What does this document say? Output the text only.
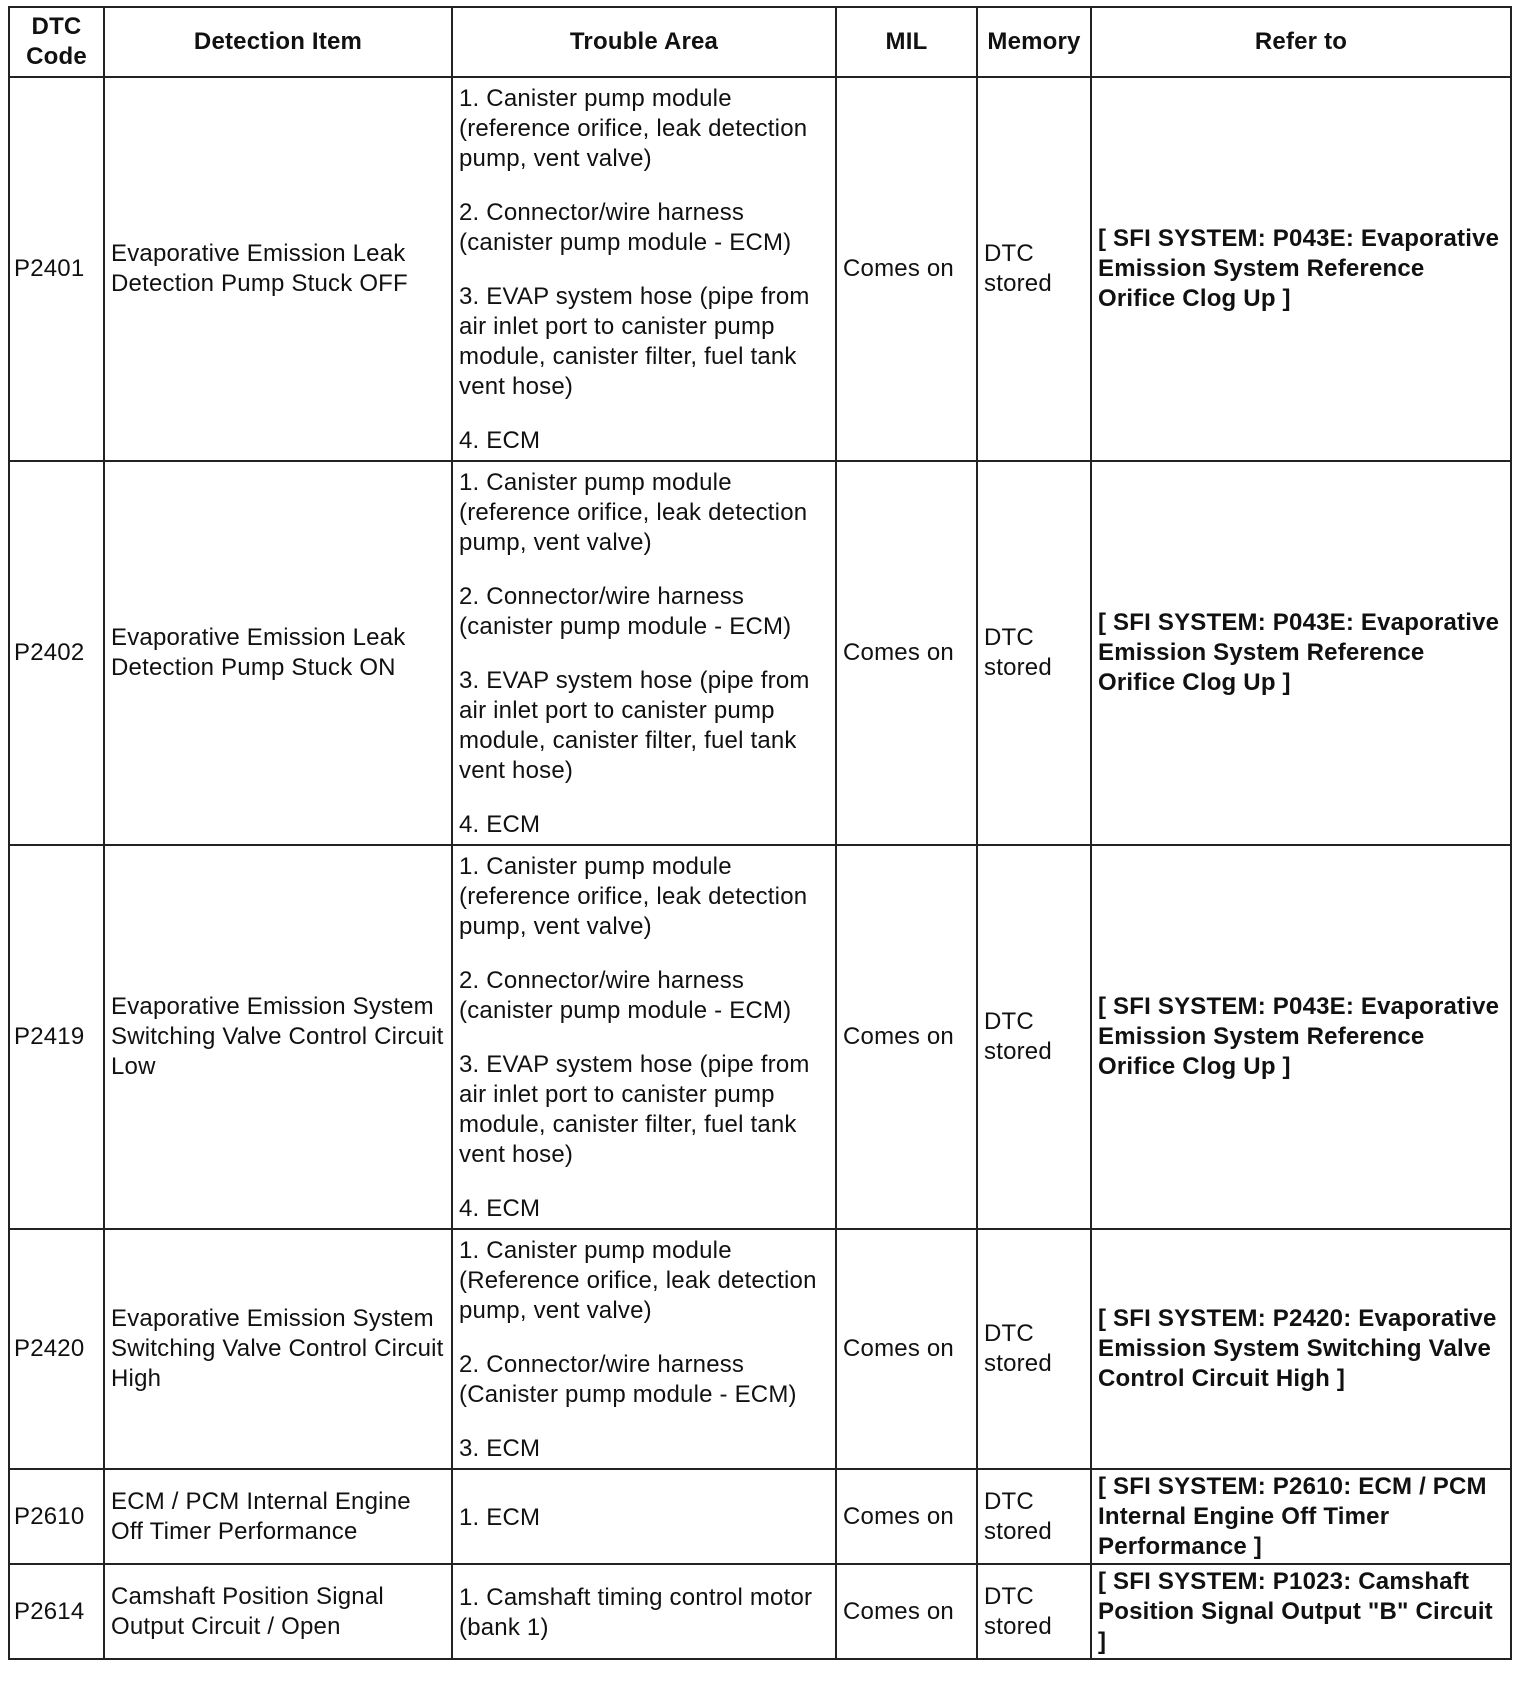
DTC
Code	Detection Item	Trouble Area	MIL	Memory	Refer to
P2401	Evaporative Emission Leak Detection Pump Stuck OFF	1. Canister pump module (reference orifice, leak detection pump, vent valve)
2. Connector/wire harness (canister pump module - ECM)
3. EVAP system hose (pipe from air inlet port to canister pump module, canister filter, fuel tank vent hose)
4. ECM	Comes on	DTC stored	[ SFI SYSTEM: P043E: Evaporative Emission System Reference Orifice Clog Up ]
P2402	Evaporative Emission Leak Detection Pump Stuck ON	1. Canister pump module (reference orifice, leak detection pump, vent valve)
2. Connector/wire harness (canister pump module - ECM)
3. EVAP system hose (pipe from air inlet port to canister pump module, canister filter, fuel tank vent hose)
4. ECM	Comes on	DTC stored	[ SFI SYSTEM: P043E: Evaporative Emission System Reference Orifice Clog Up ]
P2419	Evaporative Emission System Switching Valve Control Circuit Low	1. Canister pump module (reference orifice, leak detection pump, vent valve)
2. Connector/wire harness (canister pump module - ECM)
3. EVAP system hose (pipe from air inlet port to canister pump module, canister filter, fuel tank vent hose)
4. ECM	Comes on	DTC stored	[ SFI SYSTEM: P043E: Evaporative Emission System Reference Orifice Clog Up ]
P2420	Evaporative Emission System Switching Valve Control Circuit High	1. Canister pump module (Reference orifice, leak detection pump, vent valve)
2. Connector/wire harness (Canister pump module - ECM)
3. ECM	Comes on	DTC stored	[ SFI SYSTEM: P2420: Evaporative Emission System Switching Valve Control Circuit High ]
P2610	ECM / PCM Internal Engine Off Timer Performance	1. ECM	Comes on	DTC stored	[ SFI SYSTEM: P2610: ECM / PCM Internal Engine Off Timer Performance ]
P2614	Camshaft Position Signal Output Circuit / Open	1. Camshaft timing control motor (bank 1)	Comes on	DTC stored	[ SFI SYSTEM: P1023: Camshaft Position Signal Output "B" Circuit ]
